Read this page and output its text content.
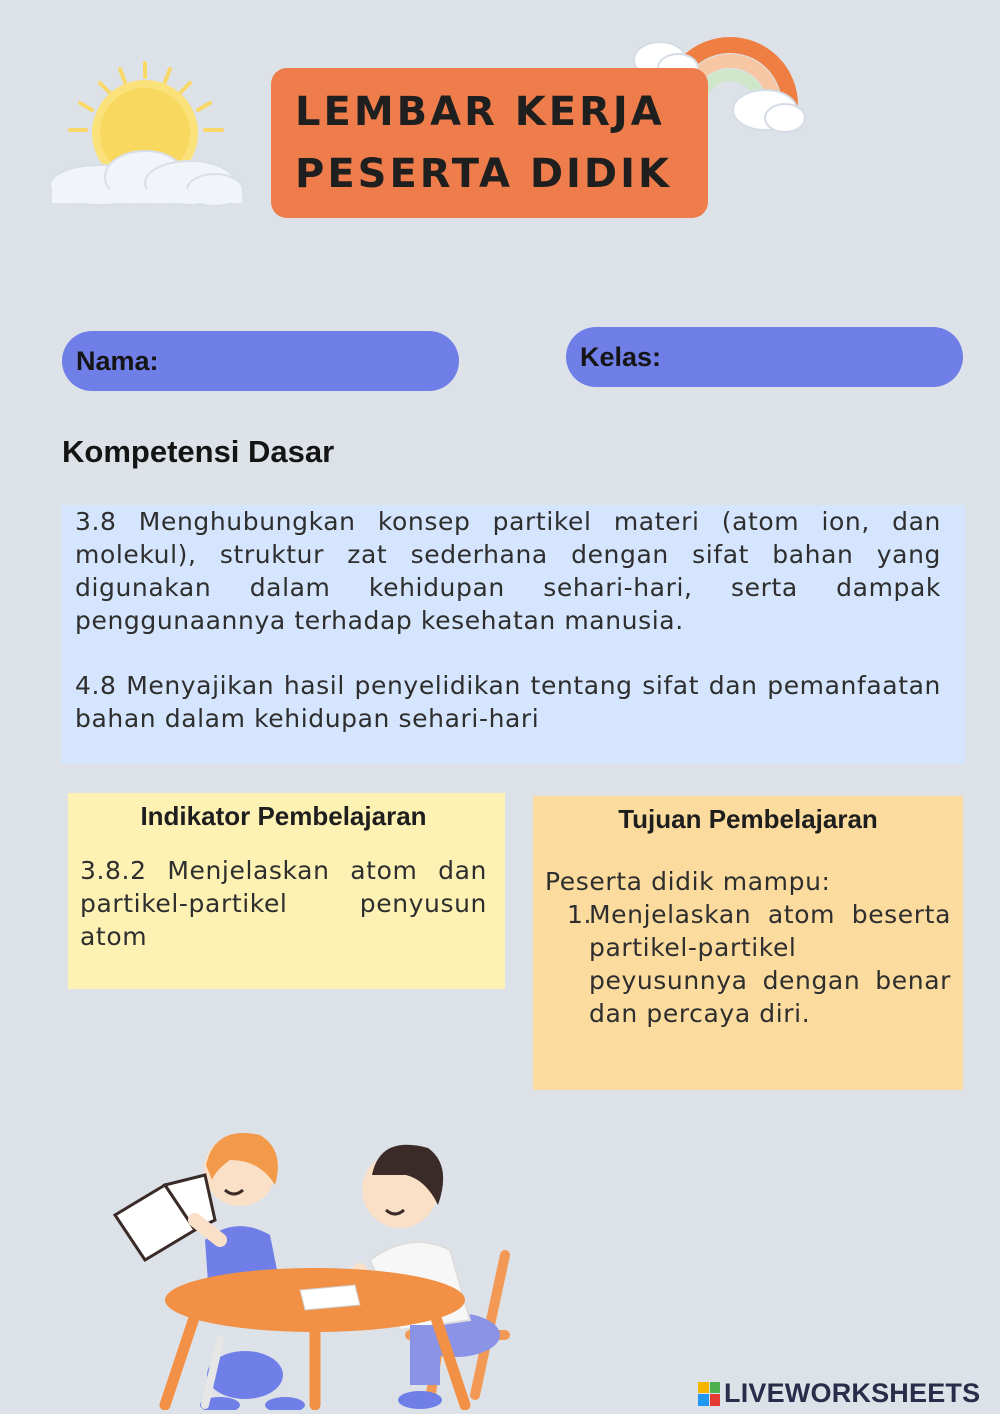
LEMBAR KERJA
PESERTA DIDIK
Nama:	Kelas:
Kompetensi Dasar

3.8 Menghubungkan konsep partikel materi (atom ion, dan molekul), struktur zat sederhana dengan sifat bahan yang digunakan dalam kehidupan sehari-hari, serta dampak penggunaannya terhadap kesehatan manusia.

4.8 Menyajikan hasil penyelidikan tentang sifat dan pemanfaatan bahan dalam kehidupan sehari-hari

Indikator Pembelajaran
3.8.2 Menjelaskan atom dan partikel-partikel penyusun atom
Tujuan Pembelajaran
Peserta didik mampu:
1.
Menjelaskan atom beserta partikel-partikel peyusunnya dengan benar dan percaya diri.
LIVEWORKSHEETS
